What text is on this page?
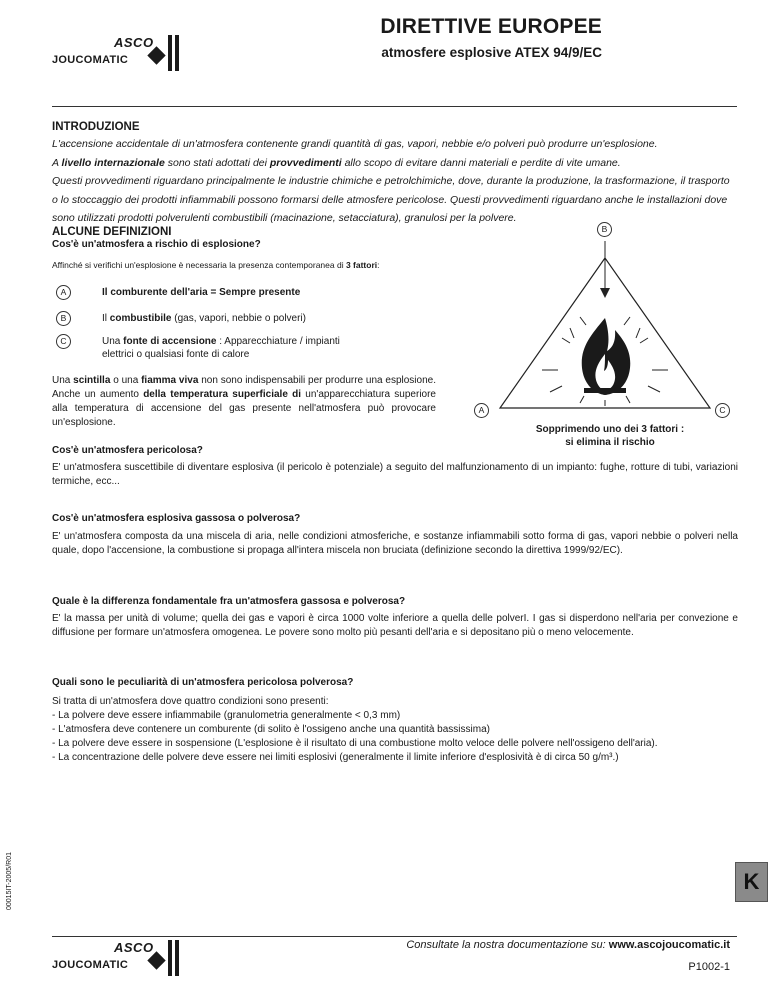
ASCO
JOUCOMATIC
DIRETTIVE EUROPEE
atmosfere esplosive ATEX 94/9/EC
INTRODUZIONE
L'accensione accidentale di un'atmosfera contenente grandi quantità di gas, vapori, nebbie e/o polveri può produrre un'esplosione.
A livello internazionale sono stati adottati dei provvedimenti allo scopo di evitare danni materiali e perdite di vite umane.
Questi provvedimenti riguardano principalmente le industrie chimiche e petrolchimiche, dove, durante la produzione, la trasformazione, il trasporto o lo stoccaggio dei prodotti infiammabili possono formarsi delle atmosfere pericolose. Questi provvedimenti riguardano anche le installazioni dove sono utilizzati prodotti polverulenti combustibili (macinazione, setacciatura), granulosi per la polvere.
ALCUNE DEFINIZIONI
Cos'è un'atmosfera a rischio di esplosione?
Affinché si verifichi un'esplosione è necessaria la presenza contemporanea di 3 fattori:
A	Il comburente dell'aria = Sempre presente
B	Il combustibile (gas, vapori, nebbie o polveri)
C	Una fonte di accensione : Apparecchiature / impianti elettrici o qualsiasi fonte di calore
Una scintilla o una fiamma viva non sono indispensabili per produrre una esplosione. Anche un aumento della temperatura superficiale di un'apparecchiatura superiore alla temperatura di accensione del gas presente nell'atmosfera può provocare un'esplosione.
B
A	C
Sopprimendo uno dei 3 fattori :
si elimina il rischio
Cos'è un'atmosfera pericolosa?
E' un'atmosfera suscettibile di diventare esplosiva (il pericolo è potenziale) a seguito del malfunzionamento di un impianto: fughe, rotture di tubi, variazioni termiche, ecc...
Cos'è un'atmosfera esplosiva gassosa o polverosa?
E' un'atmosfera composta da una miscela di aria, nelle condizioni atmosferiche, e sostanze infiammabili sotto forma di gas, vapori nebbie o polveri nella quale, dopo l'accensione, la combustione si propaga all'intera miscela non bruciata (definizione secondo la direttiva 1999/92/EC).
Quale è la differenza fondamentale fra un'atmosfera gassosa e polverosa?
E' la massa per unità di volume; quella dei gas e vapori è circa 1000 volte inferiore a quella delle polverI. I gas si disperdono nell'aria per convezione e diffusione per formare un'atmosfera omogenea. Le povere sono molto più pesanti dell'aria e si depositano più o meno velocemente.
Quali sono le peculiarità di un'atmosfera pericolosa polverosa?
Si tratta di un'atmosfera dove quattro condizioni sono presenti:
- La polvere deve essere infiammabile (granulometria generalmente < 0,3 mm)
- L'atmosfera deve contenere un comburente (di solito è l'ossigeno anche una quantità bassissima)
- La polvere deve essere in sospensione (L'esplosione è il risultato di una combustione molto veloce delle polvere nell'ossigeno dell'aria).
- La concentrazione delle polvere deve essere nei limiti esplosivi (generalmente il limite inferiore d'esplosività è di circa 50 g/m³.)
00015IT-2005/R01	K
ASCO
JOUCOMATIC
Consultate la nostra documentazione su: www.ascojoucomatic.it
P1002-1
